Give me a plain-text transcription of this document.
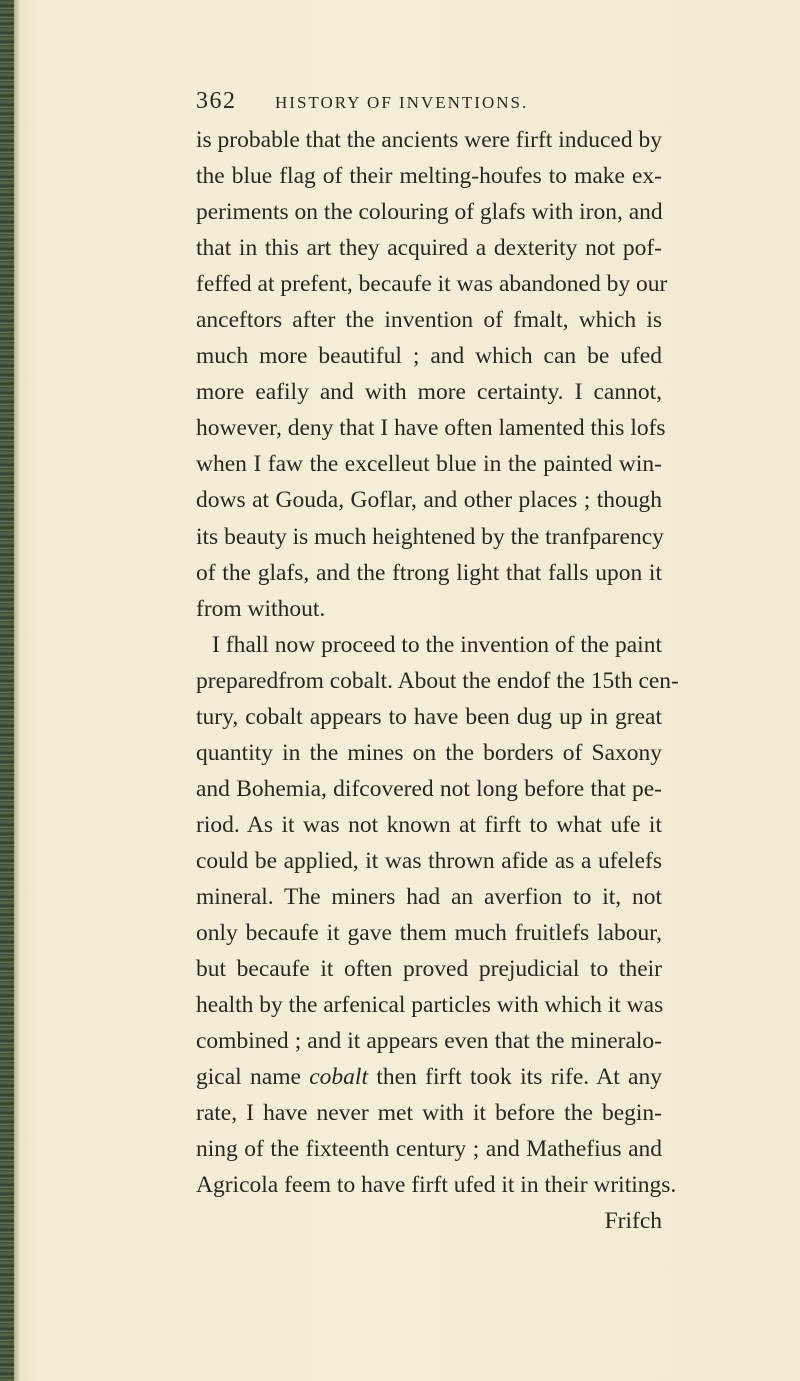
362 HISTORY OF INVENTIONS.
is probable that the ancients were firft induced by
the blue flag of their melting-houfes to make ex-
periments on the colouring of glafs with iron, and
that in this art they acquired a dexterity not pof-
feffed at prefent, becaufe it was abandoned by our
anceftors after the invention of fmalt, which is
much more beautiful ; and which can be ufed
more eafily and with more certainty. I cannot,
however, deny that I have often lamented this lofs
when I faw the excelleut blue in the painted win-
dows at Gouda, Goflar, and other places ; though
its beauty is much heightened by the tranfparency
of the glafs, and the ftrong light that falls upon it
from without.
I fhall now proceed to the invention of the paint
preparedfrom cobalt. About the endof the 15th cen-
tury, cobalt appears to have been dug up in great
quantity in the mines on the borders of Saxony
and Bohemia, difcovered not long before that pe-
riod. As it was not known at firft to what ufe it
could be applied, it was thrown afide as a ufelefs
mineral. The miners had an averfion to it, not
only becaufe it gave them much fruitlefs labour,
but becaufe it often proved prejudicial to their
health by the arfenical particles with which it was
combined ; and it appears even that the mineralo-
gical name cobalt then firft took its rife. At any
rate, I have never met with it before the begin-
ning of the fixteenth century ; and Mathefius and
Agricola feem to have firft ufed it in their writings.
Frifch
